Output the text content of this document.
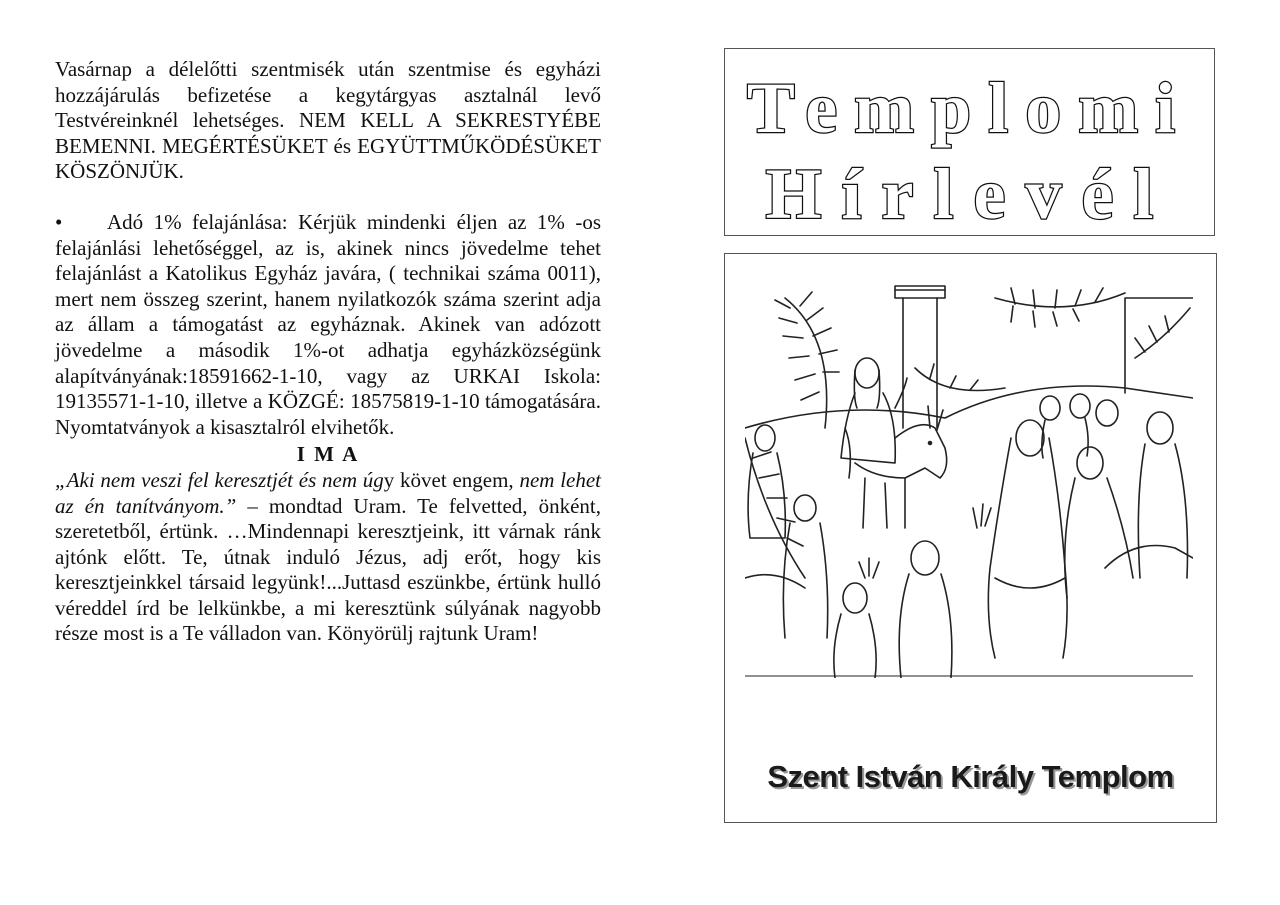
Vasárnap a délelőtti szentmisék után szentmise és egyházi hozzájárulás befizetése a kegytárgyas asztalnál levő Testvéreinknél lehetséges. NEM KELL A SEKRESTYÉBE BEMENNI. MEGÉRTÉSÜKET és EGYÜTTMŰKÖDÉSÜKET KÖSZÖNJÜK.

• Adó 1% felajánlása: Kérjük mindenki éljen az 1% -os felajánlási lehetőséggel, az is, akinek nincs jövedelme tehet felajánlást a Katolikus Egyház javára, ( technikai száma 0011), mert nem összeg szerint, hanem nyilatkozók száma szerint adja az állam a támogatást az egyháznak. Akinek van adózott jövedelme a második 1%-ot adhatja egyházközségünk alapítványának:18591662-1-10, vagy az URKAI Iskola: 19135571-1-10, illetve a KÖZGÉ: 18575819-1-10 támogatására. Nyomtatványok a kisasztalról elvihetők.

I M A

„Aki nem veszi fel keresztjét és nem úgy követ engem, nem lehet az én tanítványom.” – mondtad Uram. Te felvetted, önként, szeretetből, értünk. …Mindennapi keresztjeink, itt várnak ránk ajtónk előtt. Te, útnak induló Jézus, adj erőt, hogy kis keresztjeinkkel társaid legyünk!...Juttasd eszünkbe, értünk hulló véreddel írd be lelkünkbe, a mi keresztünk súlyának nagyobb része most is a Te válladon van. Könyörülj rajtunk Uram!

Templomi
Hírlevél
Szent István Király Templom
